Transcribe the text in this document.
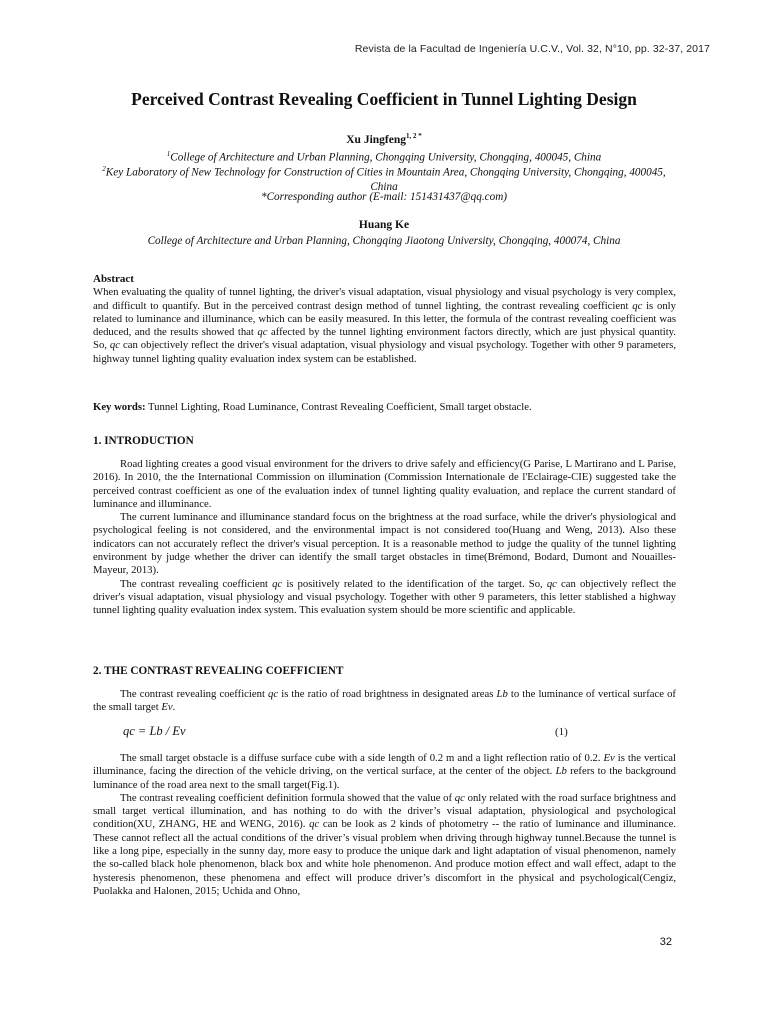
Revista de la Facultad de Ingeniería U.C.V., Vol. 32, N°10, pp. 32-37, 2017
Perceived Contrast Revealing Coefficient in Tunnel Lighting Design
Xu Jingfeng$^{1, 2 *}$
$^1$College of Architecture and Urban Planning, Chongqing University, Chongqing, 400045, China
$^2$Key Laboratory of New Technology for Construction of Cities in Mountain Area, Chongqing University, Chongqing, 400045, China
*Corresponding author (E-mail: 151431437@qq.com)
Huang Ke
College of Architecture and Urban Planning, Chongqing Jiaotong University, Chongqing, 400074, China
Abstract

When evaluating the quality of tunnel lighting, the driver's visual adaptation, visual physiology and visual psychology is very complex, and difficult to quantify. But in the perceived contrast design method of tunnel lighting, the contrast revealing coefficient qc is only related to luminance and illuminance, which can be easily measured. In this letter, the formula of the contrast revealing coefficient was deduced, and the results showed that qc affected by the tunnel lighting environment factors directly, which are just physical quantity. So, qc can objectively reflect the driver's visual adaptation, visual physiology and visual psychology. Together with other 9 parameters, highway tunnel lighting quality evaluation index system can be established.

Key words: Tunnel Lighting, Road Luminance, Contrast Revealing Coefficient, Small target obstacle.
1. INTRODUCTION

Road lighting creates a good visual environment for the drivers to drive safely and efficiency(G Parise, L Martirano and L Parise, 2016). In 2010, the the International Commission on illumination (Commission Internationale de l'Eclairage-CIE) suggested take the perceived contrast coefficient as one of the evaluation index of tunnel lighting quality evaluation, and replace the current standard of luminance and illuminance.

The current luminance and illuminance standard focus on the brightness at the road surface, while the driver's physiological and psychological feeling is not considered, and the environmental impact is not considered too(Huang and Weng, 2013). Also these indicators can not accurately reflect the driver's visual perception. It is a reasonable method to judge the quality of the tunnel lighting environment by judge whether the driver can identify the small target obstacles in time(Brémond, Bodard, Dumont and Nouailles-Mayeur, 2013).

The contrast revealing coefficient qc is positively related to the identification of the target. So, qc can objectively reflect the driver's visual adaptation, visual physiology and visual psychology. Together with other 9 parameters, this letter stablished a highway tunnel lighting quality evaluation index system. This evaluation system should be more scientific and applicable.

2. THE CONTRAST REVEALING COEFFICIENT

The contrast revealing coefficient qc is the ratio of road brightness in designated areas Lb to the luminance of vertical surface of the small target Ev.

qc = Lb / Ev	(1)

The small target obstacle is a diffuse surface cube with a side length of 0.2 m and a light reflection ratio of 0.2. Ev is the vertical illuminance, facing the direction of the vehicle driving, on the vertical surface, at the center of the object. Lb refers to the background luminance of the road area next to the small target(Fig.1).

The contrast revealing coefficient definition formula showed that the value of qc only related with the road surface brightness and small target vertical illumination, and has nothing to do with the driver’s visual adaptation, physiological and psychological condition(XU, ZHANG, HE and WENG, 2016). qc can be look as 2 kinds of photometry -- the ratio of luminance and illuminance. These cannot reflect all the actual conditions of the driver’s visual problem when driving through highway tunnel.Because the tunnel is like a long pipe, especially in the sunny day, more easy to produce the unique dark and light adaptation of visual phenomenon, namely the so-called black hole phenomenon, black box and white hole phenomenon. And produce motion effect and wall effect, adapt to the hysteresis phenomenon, these phenomena and effect will produce driver’s discomfort in the physical and psychological(Cengiz, Puolakka and Halonen, 2015; Uchida and Ohno,

32
